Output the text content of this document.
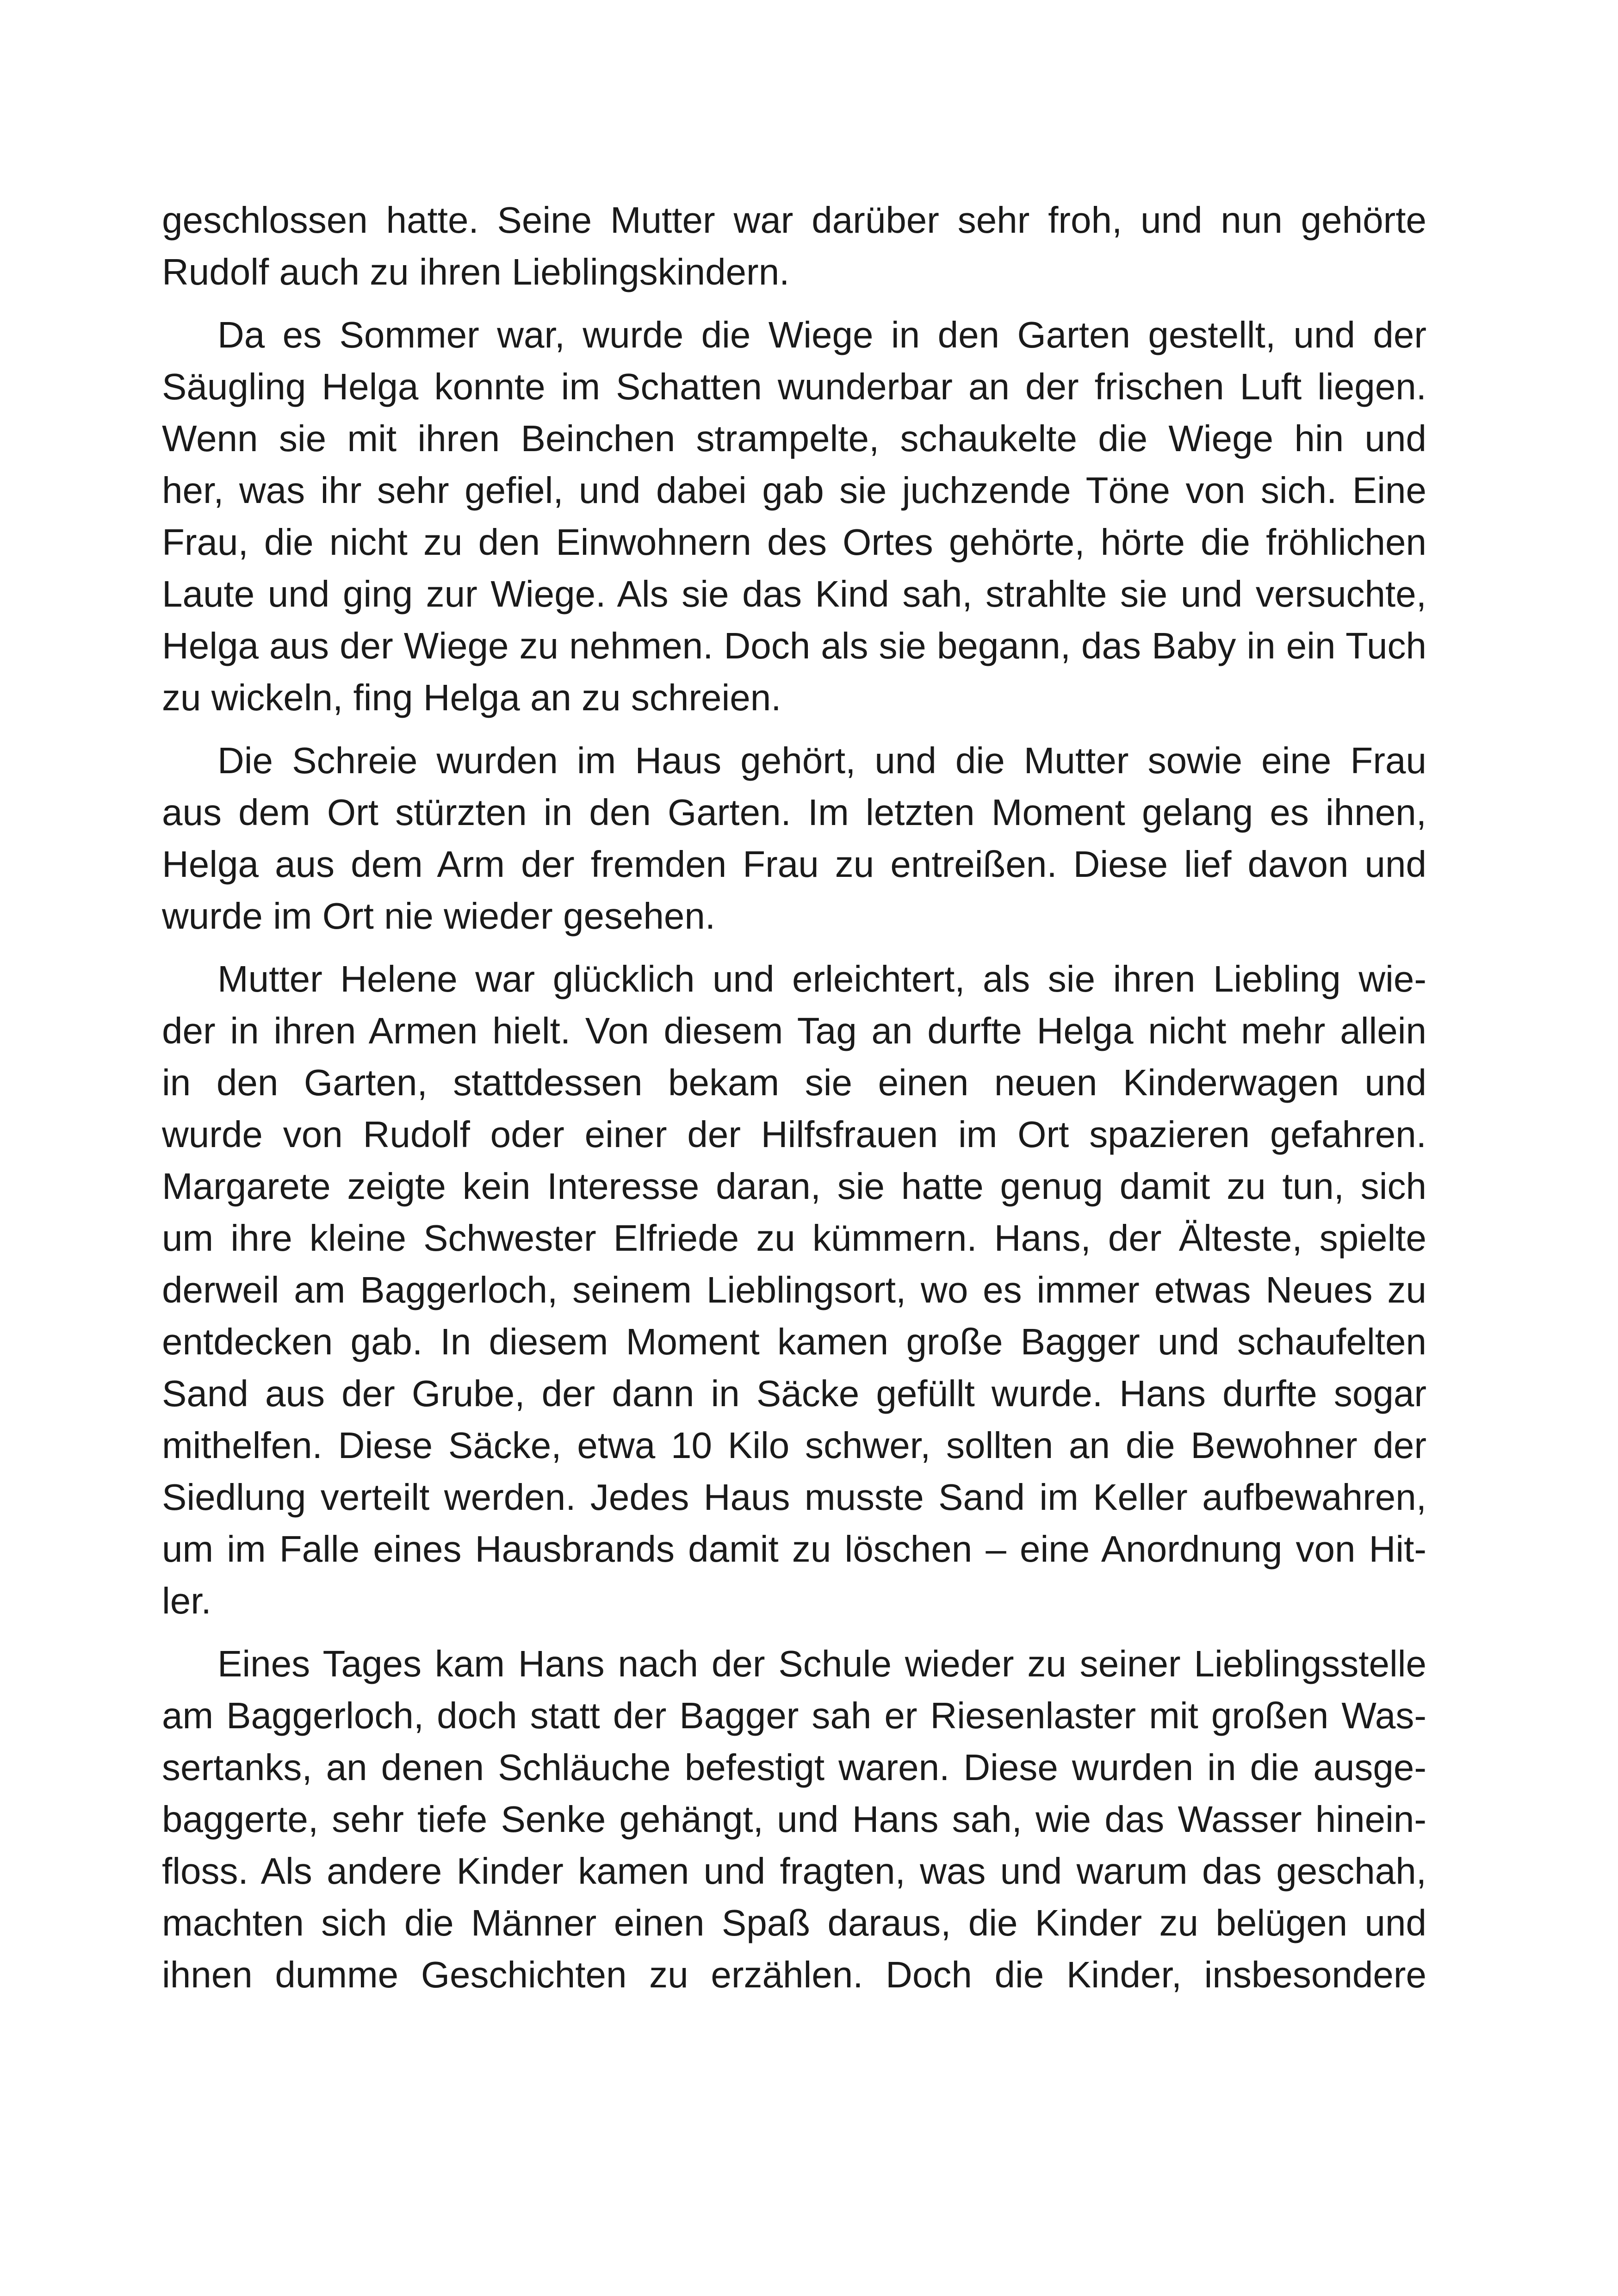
geschlossen hatte. Seine Mutter war darüber sehr froh, und nun gehörte
Rudolf auch zu ihren Lieblingskindern.
Da es Sommer war, wurde die Wiege in den Garten gestellt, und der
Säugling Helga konnte im Schatten wunderbar an der frischen Luft liegen.
Wenn sie mit ihren Beinchen strampelte, schaukelte die Wiege hin und
her, was ihr sehr gefiel, und dabei gab sie juchzende Töne von sich. Eine
Frau, die nicht zu den Einwohnern des Ortes gehörte, hörte die fröhlichen
Laute und ging zur Wiege. Als sie das Kind sah, strahlte sie und versuchte,
Helga aus der Wiege zu nehmen. Doch als sie begann, das Baby in ein Tuch
zu wickeln, fing Helga an zu schreien.
Die Schreie wurden im Haus gehört, und die Mutter sowie eine Frau
aus dem Ort stürzten in den Garten. Im letzten Moment gelang es ihnen,
Helga aus dem Arm der fremden Frau zu entreißen. Diese lief davon und
wurde im Ort nie wieder gesehen.
Mutter Helene war glücklich und erleichtert, als sie ihren Liebling wie-
der in ihren Armen hielt. Von diesem Tag an durfte Helga nicht mehr allein
in den Garten, stattdessen bekam sie einen neuen Kinderwagen und
wurde von Rudolf oder einer der Hilfsfrauen im Ort spazieren gefahren.
Margarete zeigte kein Interesse daran, sie hatte genug damit zu tun, sich
um ihre kleine Schwester Elfriede zu kümmern. Hans, der Älteste, spielte
derweil am Baggerloch, seinem Lieblingsort, wo es immer etwas Neues zu
entdecken gab. In diesem Moment kamen große Bagger und schaufelten
Sand aus der Grube, der dann in Säcke gefüllt wurde. Hans durfte sogar
mithelfen. Diese Säcke, etwa 10 Kilo schwer, sollten an die Bewohner der
Siedlung verteilt werden. Jedes Haus musste Sand im Keller aufbewahren,
um im Falle eines Hausbrands damit zu löschen – eine Anordnung von Hit-
ler.
Eines Tages kam Hans nach der Schule wieder zu seiner Lieblingsstelle
am Baggerloch, doch statt der Bagger sah er Riesenlaster mit großen Was-
sertanks, an denen Schläuche befestigt waren. Diese wurden in die ausge-
baggerte, sehr tiefe Senke gehängt, und Hans sah, wie das Wasser hinein-
floss. Als andere Kinder kamen und fragten, was und warum das geschah,
machten sich die Männer einen Spaß daraus, die Kinder zu belügen und
ihnen dumme Geschichten zu erzählen. Doch die Kinder, insbesondere
